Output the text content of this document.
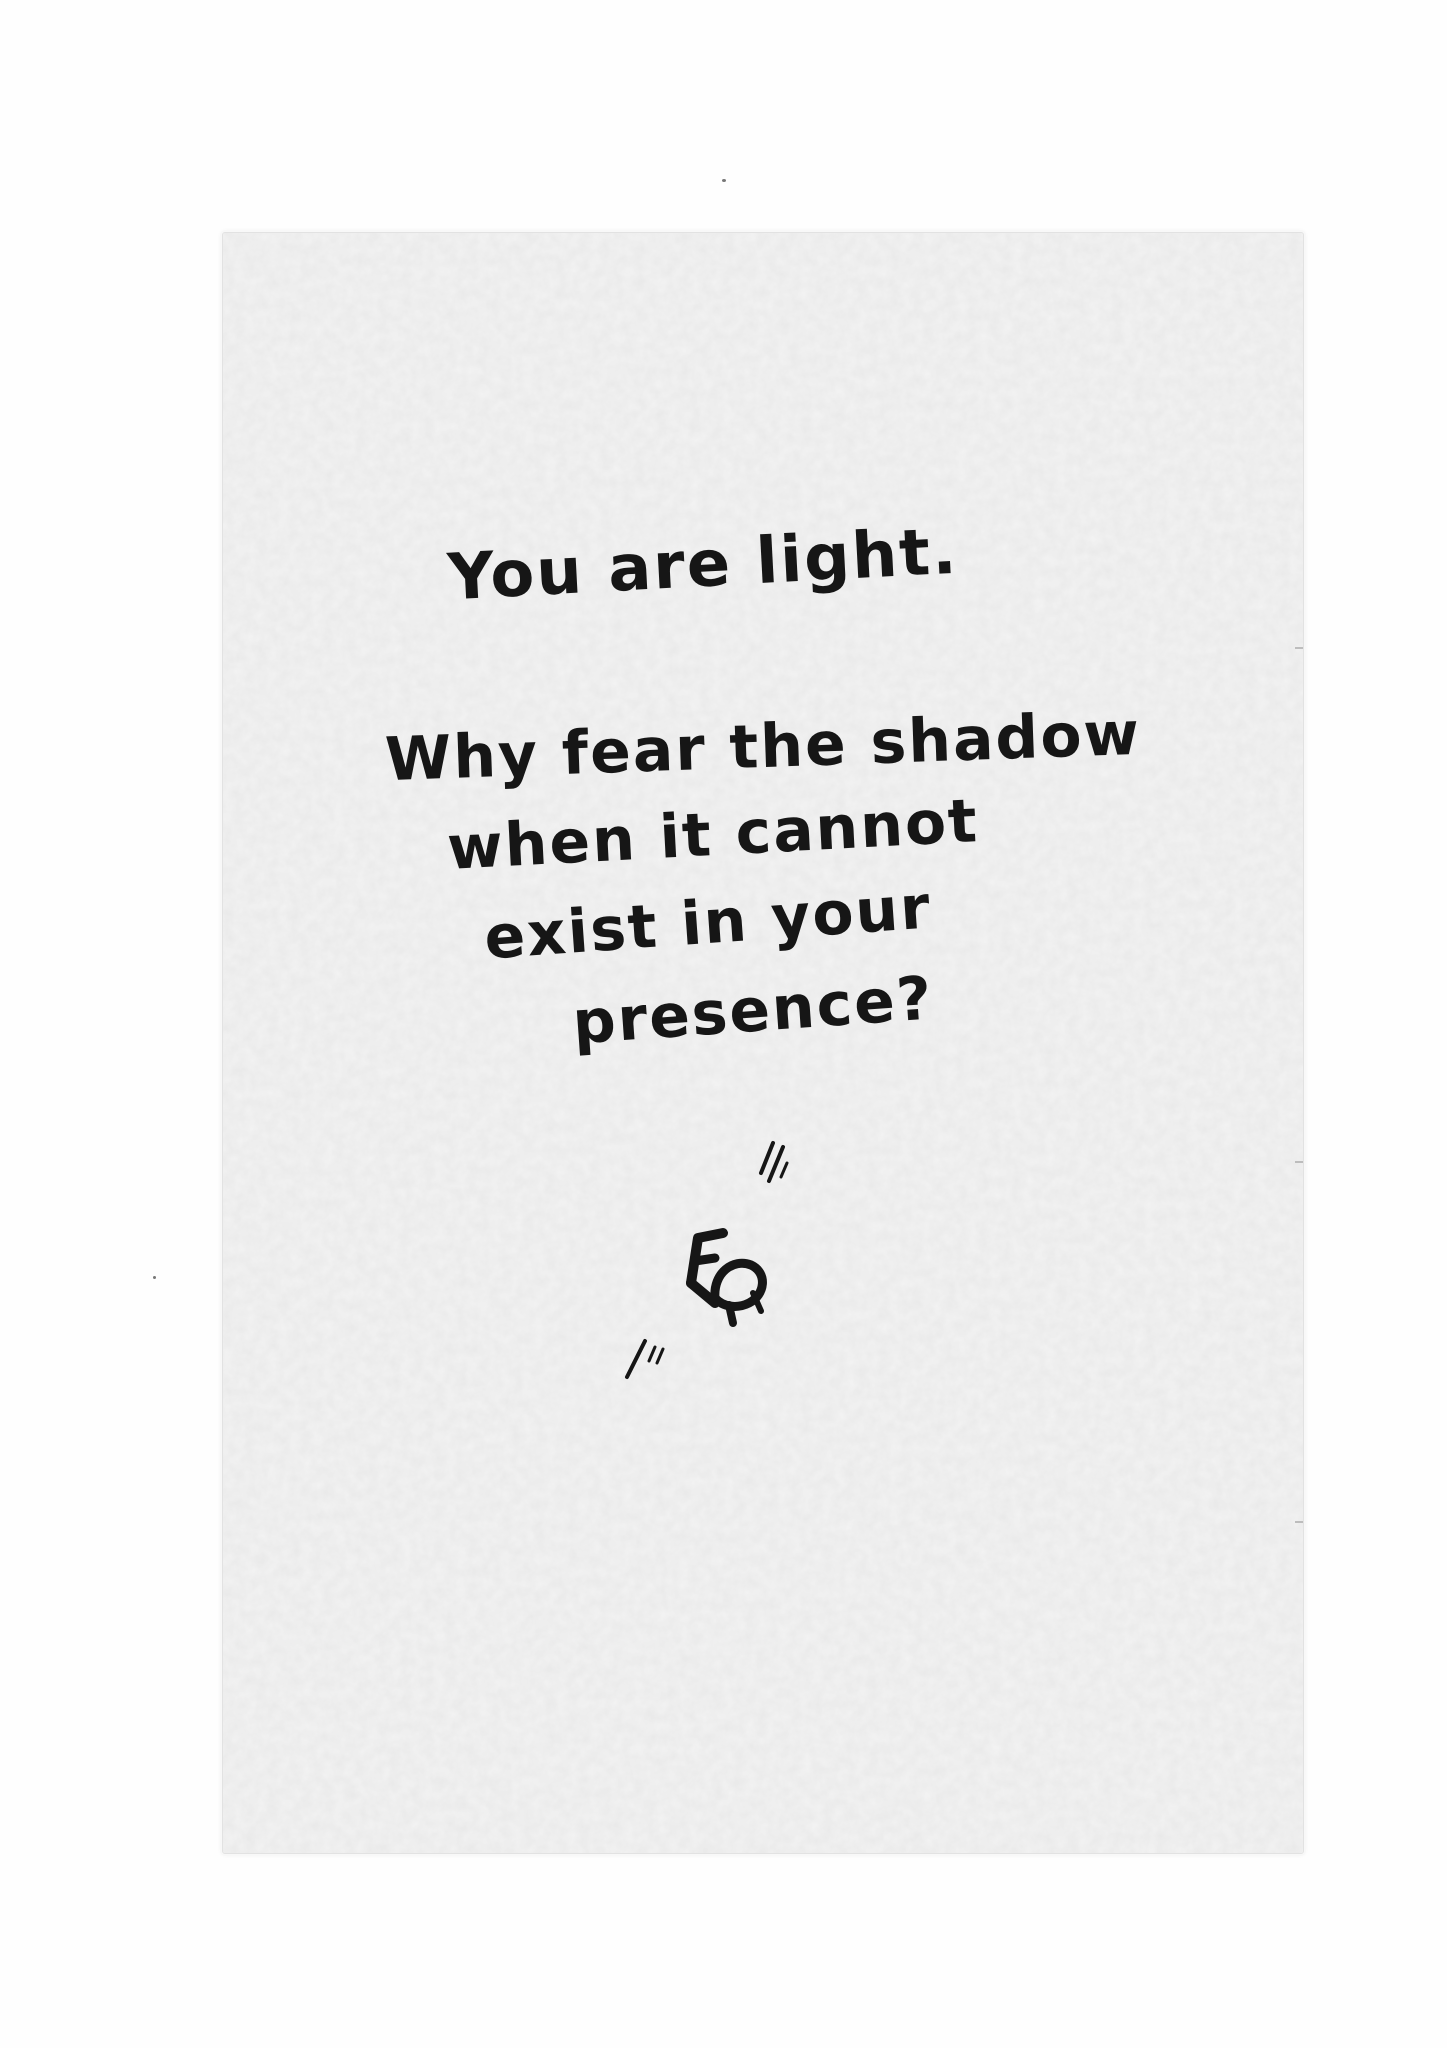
You are light.
Why fear the shadow
when it cannot
exist in your
presence?
